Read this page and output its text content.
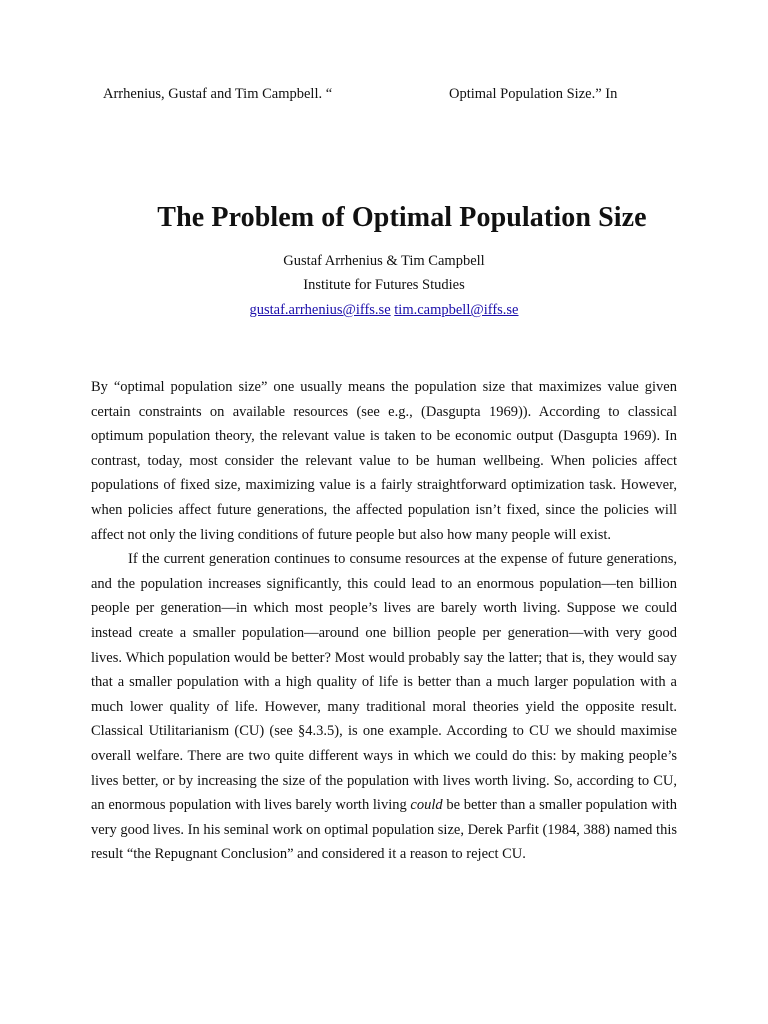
Arrhenius, Gustaf and Tim Campbell. “	Optimal Population Size.” In
The Problem of Optimal Population Size
Gustaf Arrhenius & Tim Campbell
Institute for Futures Studies
gustaf.arrhenius@iffs.se tim.campbell@iffs.se

By “optimal population size” one usually means the population size that maximizes value given certain constraints on available resources (see e.g., (Dasgupta 1969)). According to classical optimum population theory, the relevant value is taken to be economic output (Dasgupta 1969). In contrast, today, most consider the relevant value to be human wellbeing. When policies affect populations of fixed size, maximizing value is a fairly straightforward optimization task. However, when policies affect future generations, the affected population isn’t fixed, since the policies will affect not only the living conditions of future people but also how many people will exist.

If the current generation continues to consume resources at the expense of future generations, and the population increases significantly, this could lead to an enormous population—ten billion people per generation—in which most people’s lives are barely worth living. Suppose we could instead create a smaller population—around one billion people per generation—with very good lives. Which population would be better? Most would probably say the latter; that is, they would say that a smaller population with a high quality of life is better than a much larger population with a much lower quality of life. However, many traditional moral theories yield the opposite result. Classical Utilitarianism (CU) (see §4.3.5), is one example. According to CU we should maximise overall welfare. There are two quite different ways in which we could do this: by making people’s lives better, or by increasing the size of the population with lives worth living. So, according to CU, an enormous population with lives barely worth living could be better than a smaller population with very good lives. In his seminal work on optimal population size, Derek Parfit (1984, 388) named this result “the Repugnant Conclusion” and considered it a reason to reject CU.
